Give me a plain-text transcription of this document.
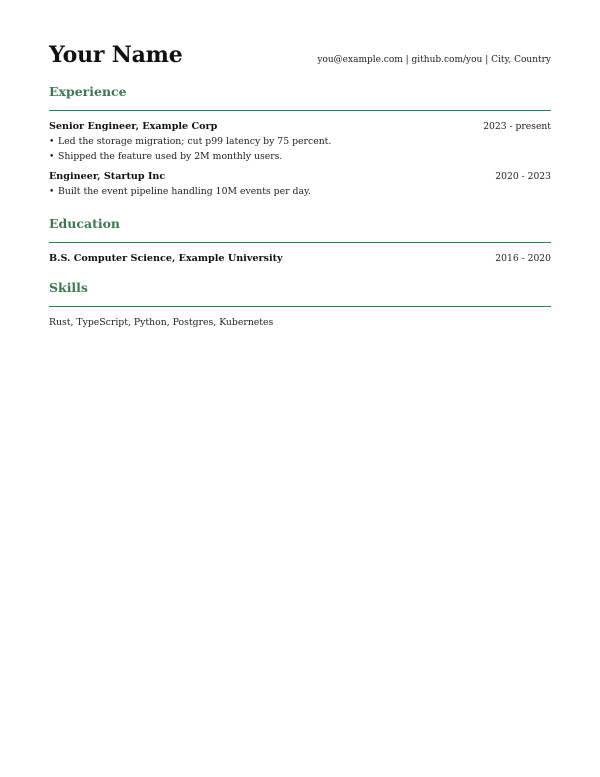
Your Name	you@example.com | github.com/you | City, Country
Experience
Senior Engineer, Example Corp	2023 - present
• Led the storage migration; cut p99 latency by 75 percent.
• Shipped the feature used by 2M monthly users.
Engineer, Startup Inc	2020 - 2023
• Built the event pipeline handling 10M events per day.
Education
B.S. Computer Science, Example University	2016 - 2020
Skills
Rust, TypeScript, Python, Postgres, Kubernetes
